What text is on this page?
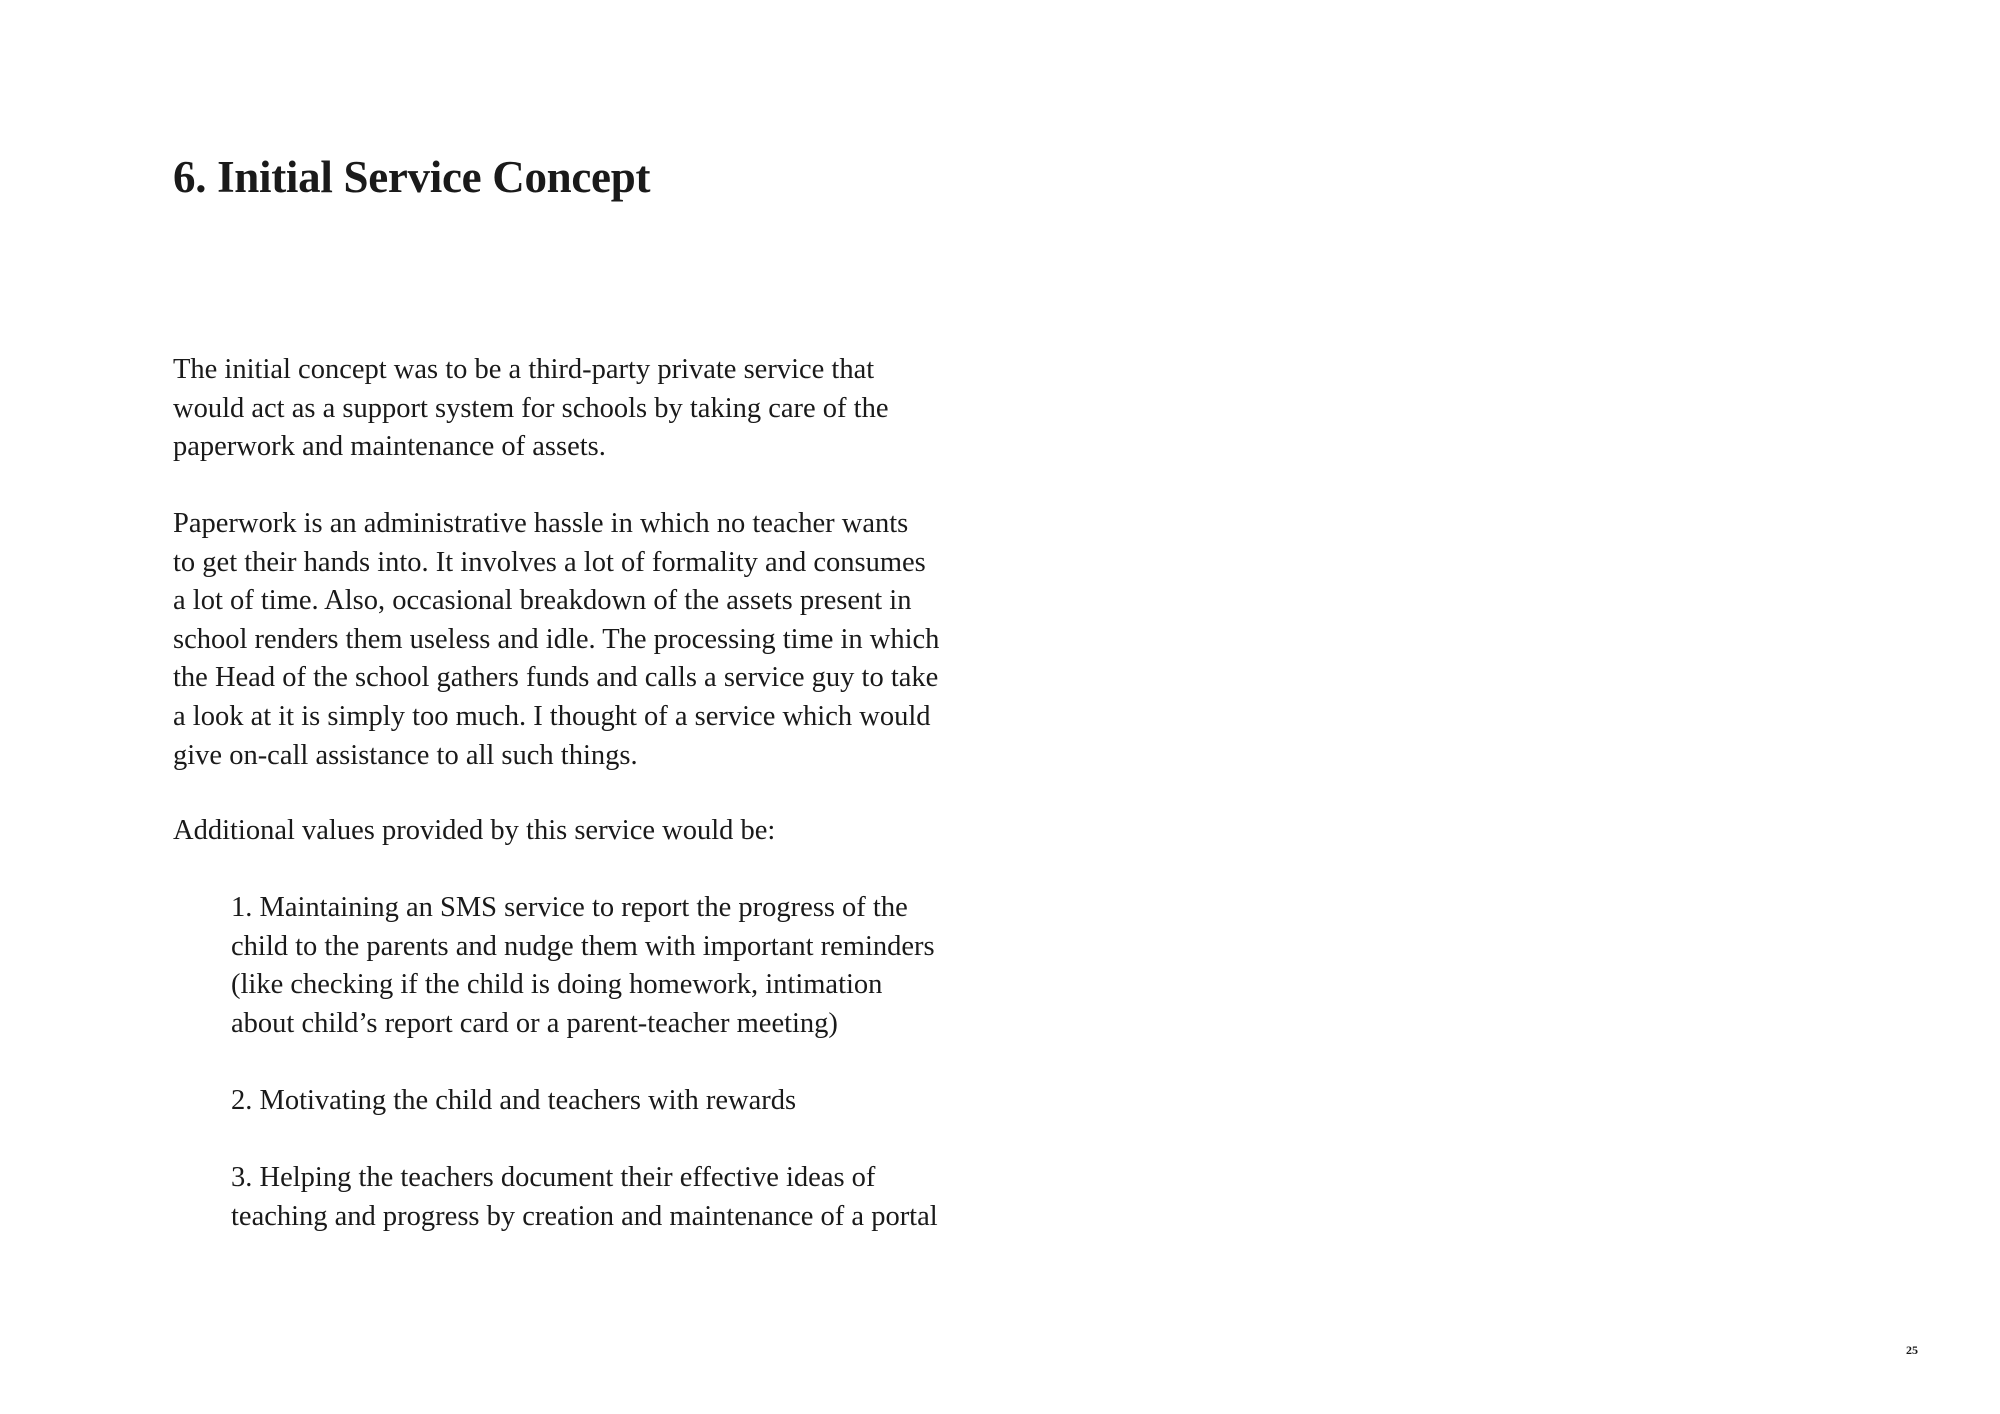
6. Initial Service Concept
The initial concept was to be a third-party private service that
would act as a support system for schools by taking care of the
paperwork and maintenance of assets.
Paperwork is an administrative hassle in which no teacher wants
to get their hands into. It involves a lot of formality and consumes
a lot of time. Also, occasional breakdown of the assets present in
school renders them useless and idle. The processing time in which
the Head of the school gathers funds and calls a service guy to take
a look at it is simply too much. I thought of a service which would
give on-call assistance to all such things.
Additional values provided by this service would be:
1. Maintaining an SMS service to report the progress of the
child to the parents and nudge them with important reminders
(like checking if the child is doing homework, intimation
about child’s report card or a parent-teacher meeting)
2. Motivating the child and teachers with rewards
3. Helping the teachers document their effective ideas of
teaching and progress by creation and maintenance of a portal
25
